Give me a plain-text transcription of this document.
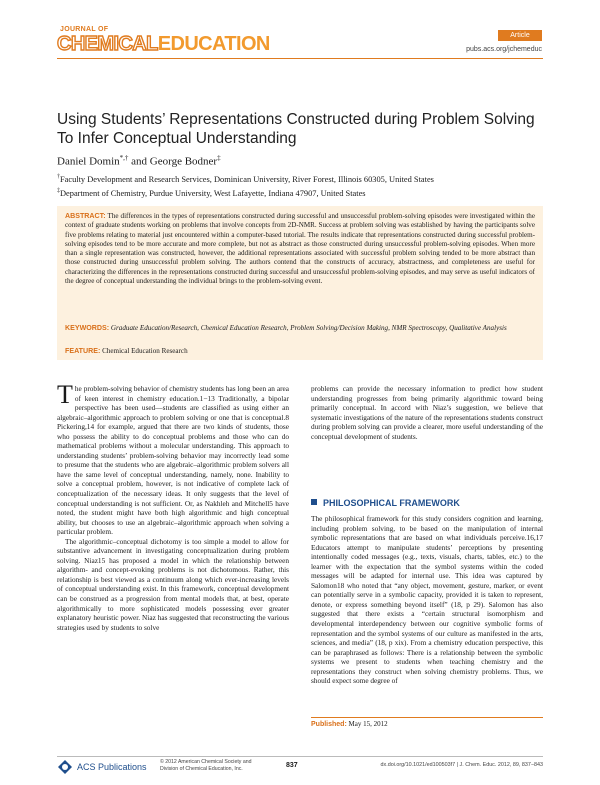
JOURNAL OF
CHEMICALEDUCATION	Article
pubs.acs.org/jchemeduc
Using Students’ Representations Constructed during Problem Solving To Infer Conceptual Understanding
Daniel Domin*,† and George Bodner‡
†Faculty Development and Research Services, Dominican University, River Forest, Illinois 60305, United States
‡Department of Chemistry, Purdue University, West Lafayette, Indiana 47907, United States
ABSTRACT: The differences in the types of representations constructed during successful and unsuccessful problem-solving episodes were investigated within the context of graduate students working on problems that involve concepts from 2D-NMR. Success at problem solving was established by having the participants solve five problems relating to material just encountered within a computer-based tutorial. The results indicate that representations constructed during successful problem-solving episodes tend to be more accurate and more complete, but not as abstract as those constructed during unsuccessful problem-solving episodes. When more than a single representation was constructed, however, the additional representations associated with successful problem solving tended to be more abstract than those constructed during unsuccessful problem solving. The authors contend that the constructs of accuracy, abstractness, and completeness are useful for characterizing the differences in the representations constructed during successful and unsuccessful problem-solving episodes, and may serve as useful indicators of the degree of conceptual understanding the individual brings to the problem-solving event.
KEYWORDS: Graduate Education/Research, Chemical Education Research, Problem Solving/Decision Making, NMR Spectroscopy, Qualitative Analysis
FEATURE: Chemical Education Research

The problem-solving behavior of chemistry students has long been an area of keen interest in chemistry education.1−13 Traditionally, a bipolar perspective has been used—students are classified as using either an algebraic–algorithmic approach to problem solving or one that is conceptual.8 Pickering,14 for example, argued that there are two kinds of students, those who possess the ability to do conceptual problems and those who can do mathematical problems without a molecular understanding. This approach to understanding students’ problem-solving behavior may incorrectly lead some to presume that the students who are algebraic–algorithmic problem solvers all have the same level of conceptual understanding, namely, none. Inability to solve a conceptual problem, however, is not indicative of complete lack of conceptualization of the necessary ideas. It only suggests that the level of conceptual understanding is not sufficient. Or, as Nakhleh and Mitchell5 have noted, the student might have both high algorithmic and high conceptual ability, but chooses to use an algebraic–algorithmic approach when solving a particular problem.

The algorithmic–conceptual dichotomy is too simple a model to allow for substantive advancement in investigating conceptualization during problem solving. Niaz15 has proposed a model in which the relationship between algorithm- and concept-evoking problems is not dichotomous. Rather, this relationship is best viewed as a continuum along which ever-increasing levels of conceptual understanding exist. In this framework, conceptual development can be construed as a progression from mental models that, at best, operate algorithmically to more sophisticated models possessing ever greater explanatory heuristic power. Niaz has suggested that reconstructing the various strategies used by students to solve

problems can provide the necessary information to predict how student understanding progresses from being primarily algorithmic toward being primarily conceptual. In accord with Niaz’s suggestion, we believe that systematic investigations of the nature of the representations students construct during problem solving can provide a clearer, more useful understanding of the conceptual development of students.

PHILOSOPHICAL FRAMEWORK

The philosophical framework for this study considers cognition and learning, including problem solving, to be based on the manipulation of internal symbolic representations that are based on what individuals perceive.16,17 Educators attempt to manipulate students’ perceptions by presenting intentionally coded messages (e.g., texts, visuals, charts, tables, etc.) to the learner with the expectation that the symbol systems within the coded messages will be adapted for internal use. This idea was captured by Salomon18 who noted that “any object, movement, gesture, marker, or event can potentially serve in a symbolic capacity, provided it is taken to represent, denote, or express something beyond itself” (18, p 29). Salomon has also suggested that there exists a “certain structural isomorphism and developmental interdependency between our cognitive symbolic forms of representation and the symbol systems of our culture as manifested in the arts, sciences, and media” (18, p xix). From a chemistry education perspective, this can be paraphrased as follows: There is a relationship between the symbolic systems we present to students when teaching chemistry and the representations they construct when solving chemistry problems. Thus, we should expect some degree of

Published: May 15, 2012
ACS Publications	© 2012 American Chemical Society and
Division of Chemical Education, Inc.	837	dx.doi.org/10.1021/ed100503f7 | J. Chem. Educ. 2012, 89, 837−843
